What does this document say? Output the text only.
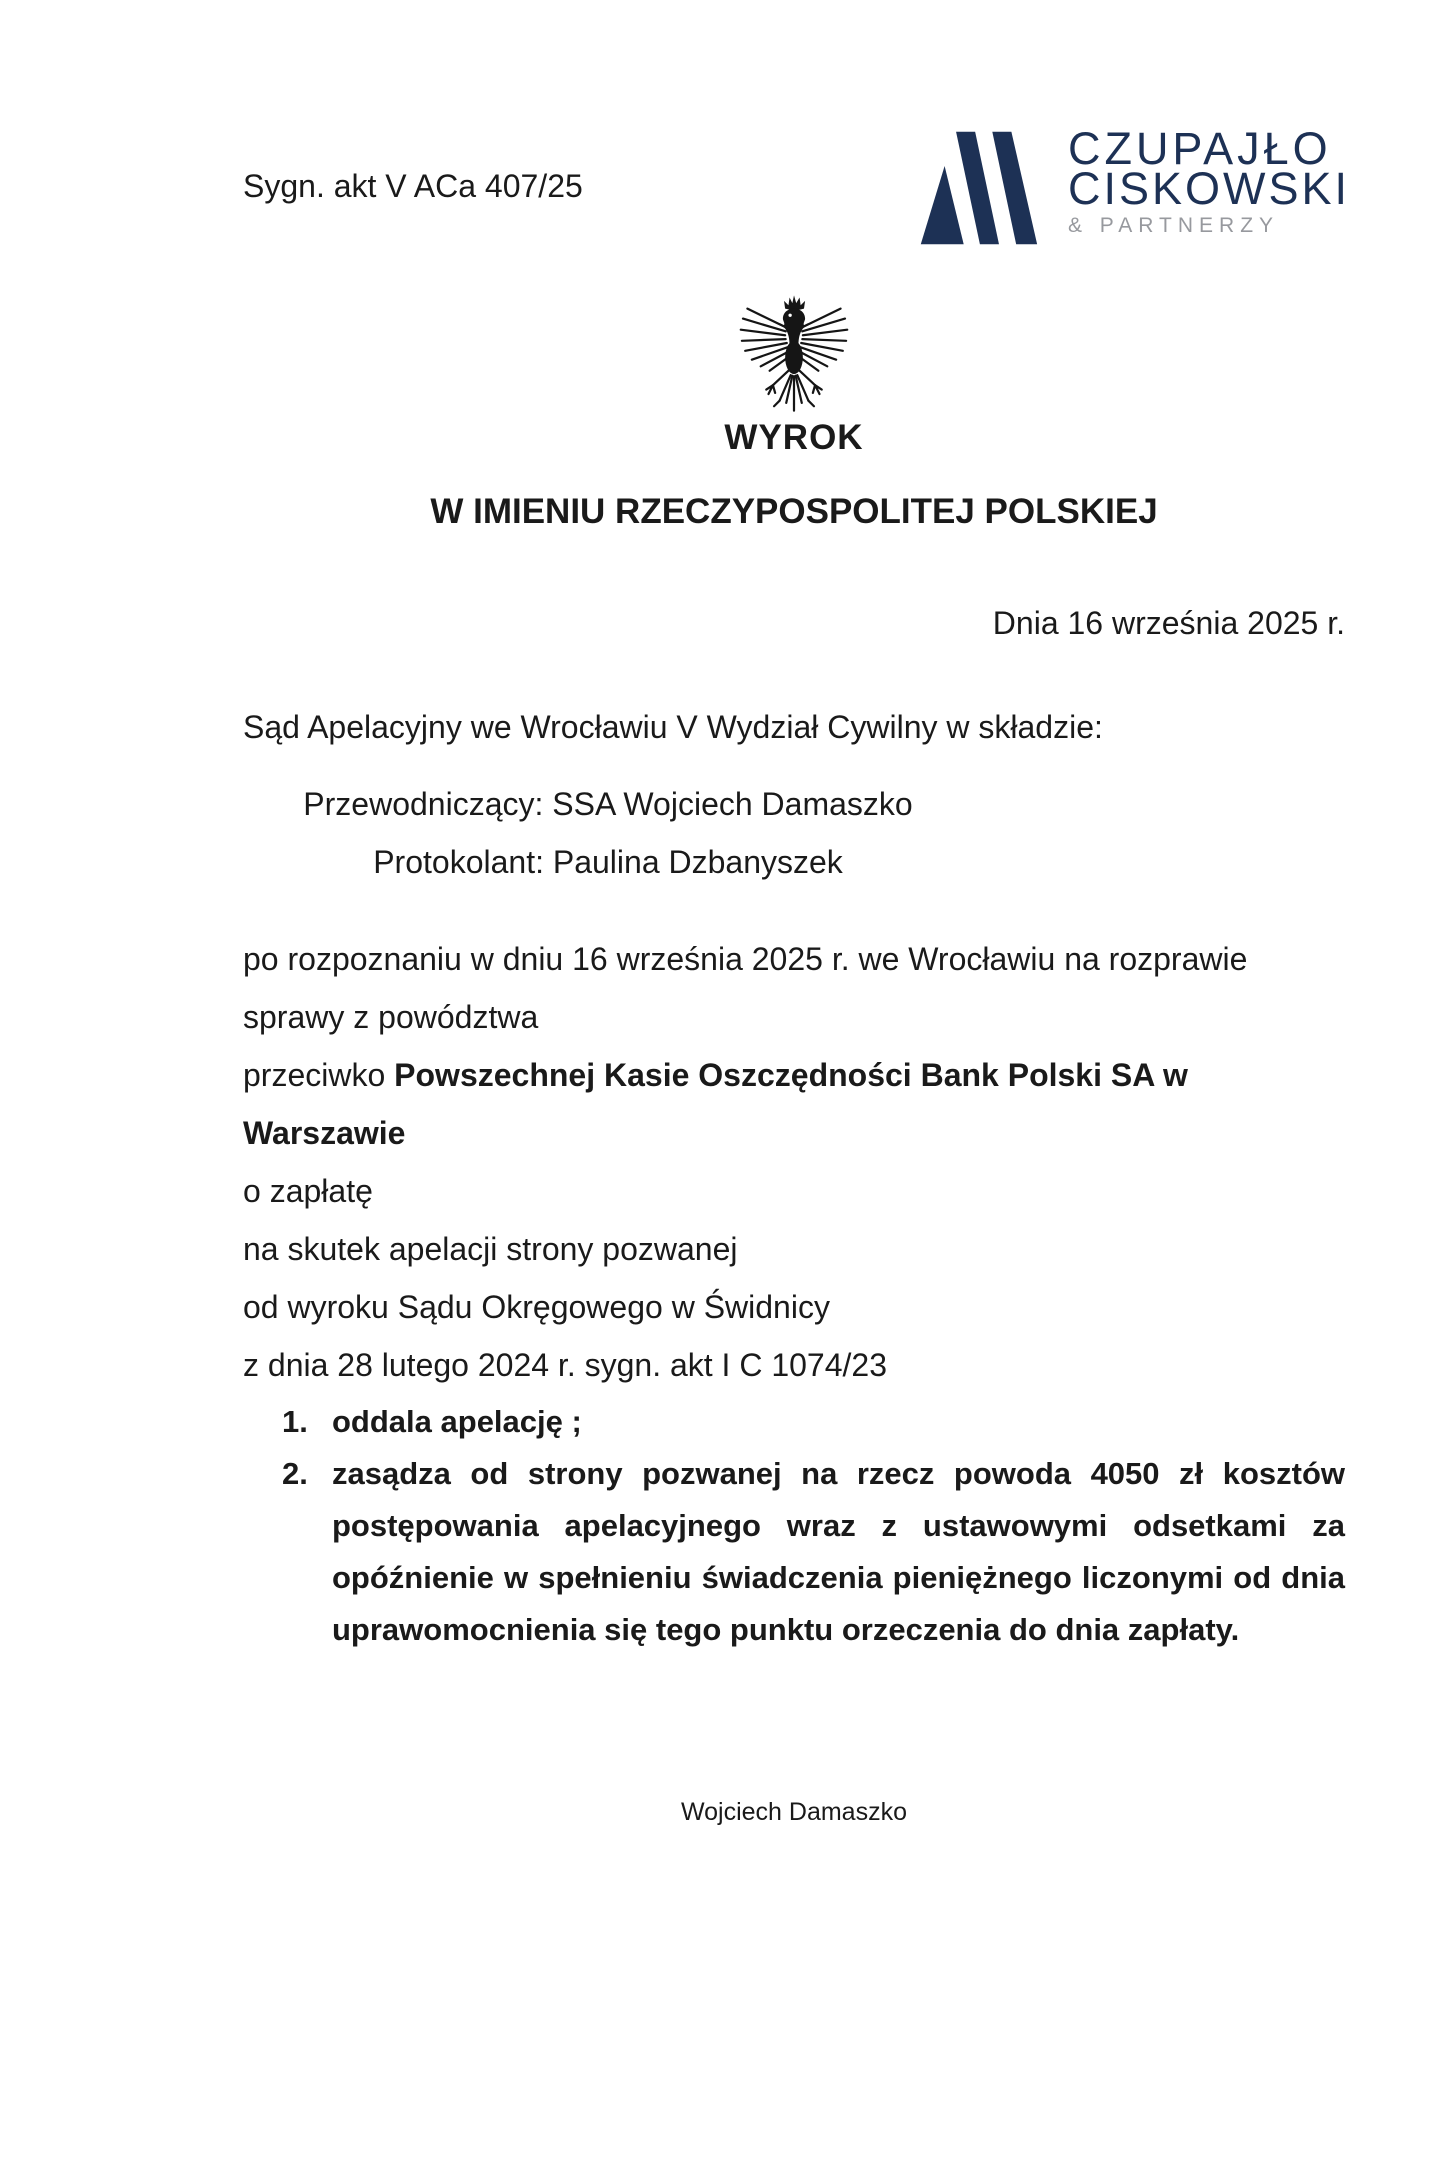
Sygn. akt V ACa 407/25
CZUPAJŁO
CISKOWSKI
& PARTNERZY
WYROK
W IMIENIU RZECZYPOSPOLITEJ POLSKIEJ
Dnia 16 września 2025 r.
Sąd Apelacyjny we Wrocławiu V Wydział Cywilny w składzie:
Przewodniczący: SSA Wojciech Damaszko
Protokolant: Paulina Dzbanyszek
po rozpoznaniu w dniu 16 września 2025 r. we Wrocławiu na rozprawie
sprawy z powództwa
przeciwko Powszechnej Kasie Oszczędności Bank Polski SA w Warszawie
o zapłatę
na skutek apelacji strony pozwanej
od wyroku Sądu Okręgowego w Świdnicy
z dnia 28 lutego 2024 r. sygn. akt I C 1074/23
1. oddala apelację ;
2. zasądza od strony pozwanej na rzecz powoda 4050 zł kosztów postępowania apelacyjnego wraz z ustawowymi odsetkami za opóźnienie w spełnieniu świadczenia pieniężnego liczonymi od dnia uprawomocnienia się tego punktu orzeczenia do dnia zapłaty.
Wojciech Damaszko
